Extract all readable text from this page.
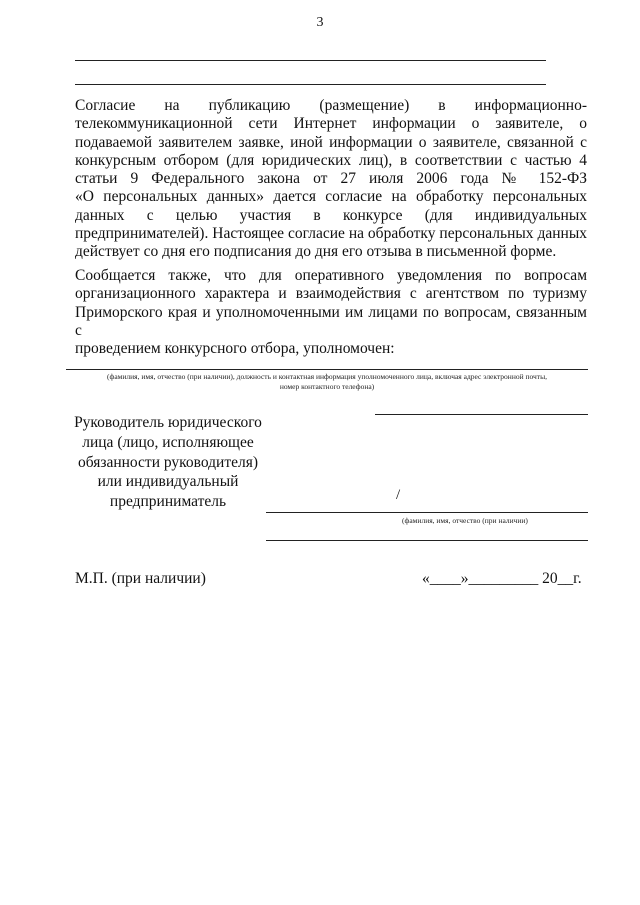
3
Согласие на публикацию (размещение) в информационно-
телекоммуникационной сети Интернет информации о заявителе, о
подаваемой заявителем заявке, иной информации о заявителе, связанной с
конкурсным отбором (для юридических лиц), в соответствии с частью 4
статьи 9 Федерального закона от 27 июля 2006 года № 152-ФЗ
«О персональных данных» дается согласие на обработку персональных
данных с целью участия в конкурсе (для индивидуальных
предпринимателей). Настоящее согласие на обработку персональных данных
действует со дня его подписания до дня его отзыва в письменной форме.
Сообщается также, что для оперативного уведомления по вопросам
организационного характера и взаимодействия с агентством по туризму
Приморского края и уполномоченными им лицами по вопросам, связанным с
проведением конкурсного отбора, уполномочен:
(фамилия, имя, отчество (при наличии), должность и контактная информация уполномоченного лица, включая адрес электронной почты,
номер контактного телефона)
Руководитель юридического
лица (лицо, исполняющее
обязанности руководителя)
или индивидуальный
предприниматель	/
(фамилия, имя, отчество (при наличии)
М.П. (при наличии)	«____»_________ 20__г.
